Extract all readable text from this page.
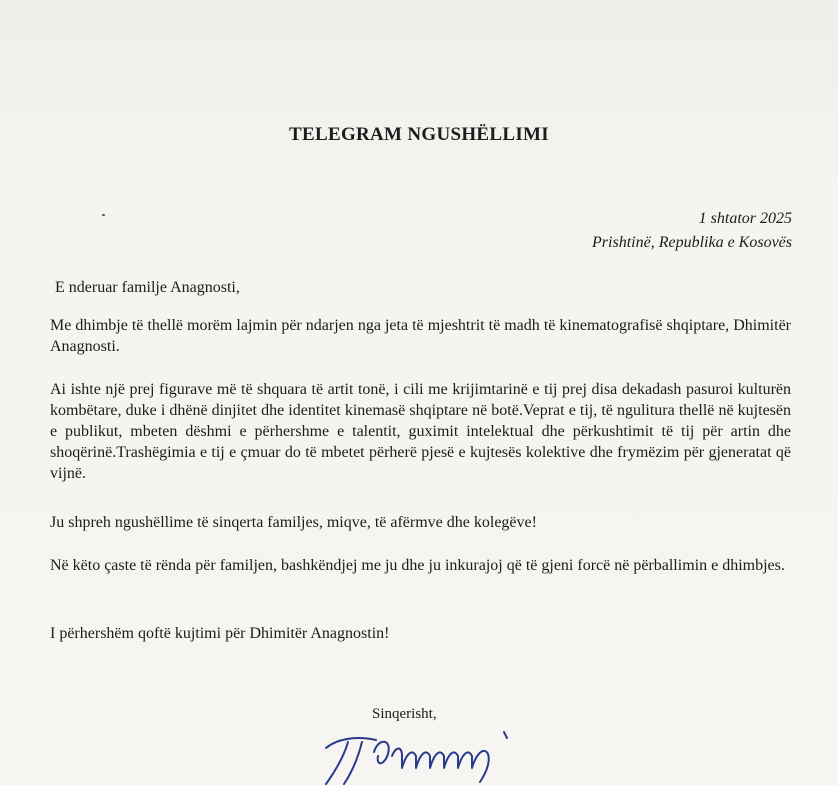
TELEGRAM NGUSHËLLIMI
1 shtator 2025
Prishtinë, Republika e Kosovës
E nderuar familje Anagnosti,

Me dhimbje të thellë morëm lajmin për ndarjen nga jeta të mjeshtrit të madh të kinematografisë shqiptare, Dhimitër Anagnosti.

Ai ishte një prej figurave më të shquara të artit tonë, i cili me krijimtarinë e tij prej disa dekadash pasuroi kulturën kombëtare, duke i dhënë dinjitet dhe identitet kinemasë shqiptare në botë.Veprat e tij, të ngulitura thellë në kujtesën e publikut, mbeten dëshmi e përhershme e talentit, guximit intelektual dhe përkushtimit të tij për artin dhe shoqërinë.Trashëgimia e tij e çmuar do të mbetet përherë pjesë e kujtesës kolektive dhe frymëzim për gjeneratat që vijnë.

Ju shpreh ngushëllime të sinqerta familjes, miqve, të afërmve dhe kolegëve!

Në këto çaste të rënda për familjen, bashkëndjej me ju dhe ju inkurajoj që të gjeni forcë në përballimin e dhimbjes.

I përhershëm qoftë kujtimi për Dhimitër Anagnostin!

Sinqerisht,
